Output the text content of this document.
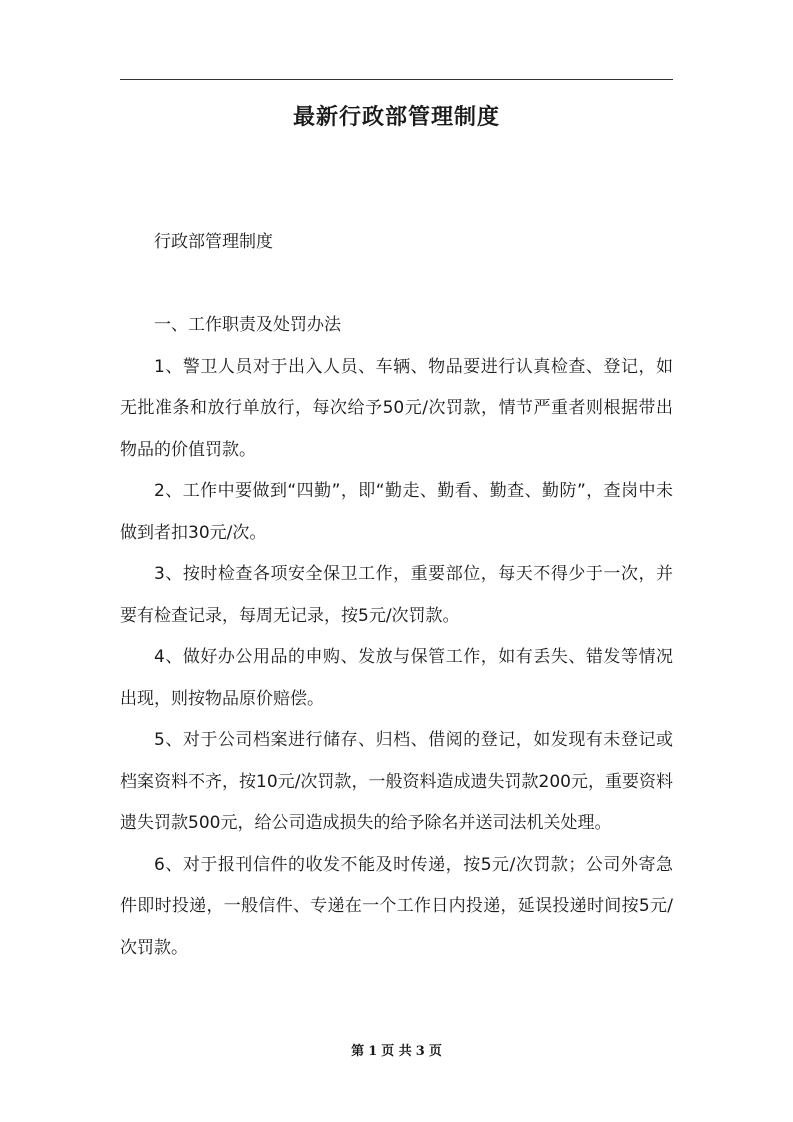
最新行政部管理制度

行政部管理制度

一、工作职责及处罚办法

1、警卫人员对于出入人员、车辆、物品要进行认真检查、登记，如无批准条和放行单放行，每次给予50元/次罚款，情节严重者则根据带出物品的价值罚款。

2、工作中要做到“四勤”，即“勤走、勤看、勤查、勤防”，查岗中未做到者扣30元/次。

3、按时检查各项安全保卫工作，重要部位，每天不得少于一次，并要有检查记录，每周无记录，按5元/次罚款。

4、做好办公用品的申购、发放与保管工作，如有丢失、错发等情况出现，则按物品原价赔偿。

5、对于公司档案进行储存、归档、借阅的登记，如发现有未登记或档案资料不齐，按10元/次罚款，一般资料造成遗失罚款200元，重要资料遗失罚款500元，给公司造成损失的给予除名并送司法机关处理。

6、对于报刊信件的收发不能及时传递，按5元/次罚款；公司外寄急件即时投递，一般信件、专递在一个工作日内投递，延误投递时间按5元/次罚款。

第 1 页 共 3 页
